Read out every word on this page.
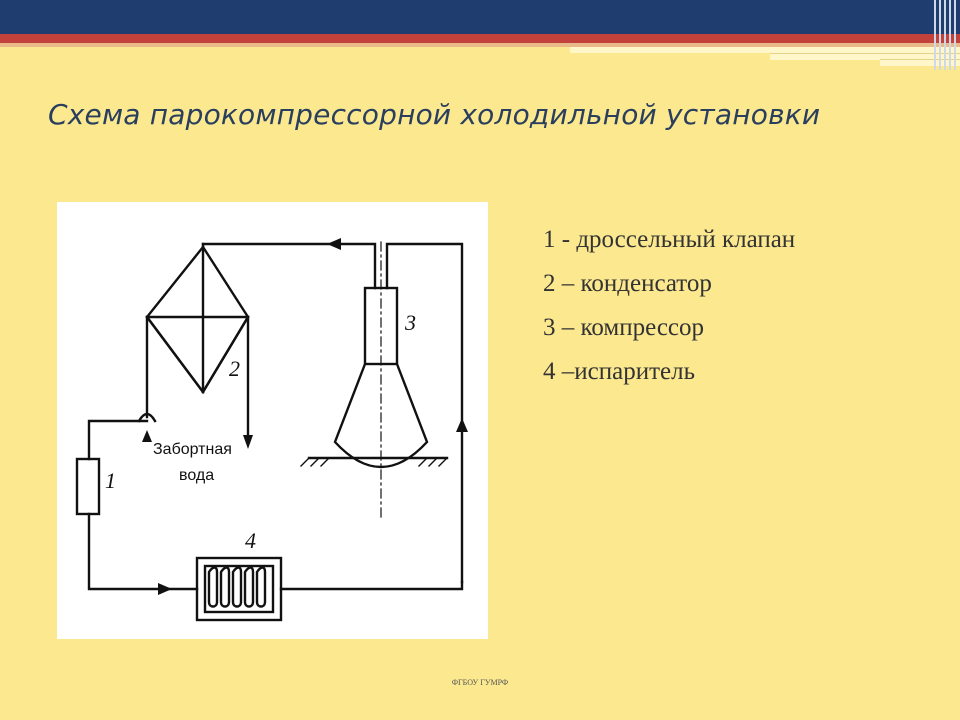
Схема парокомпрессорной холодильной установки
2
3
1
4
Забортная
вода
1 - дроссельный клапан
2 – конденсатор
3 – компрессор
4 –испаритель
ФГБОУ ГУМРФ
